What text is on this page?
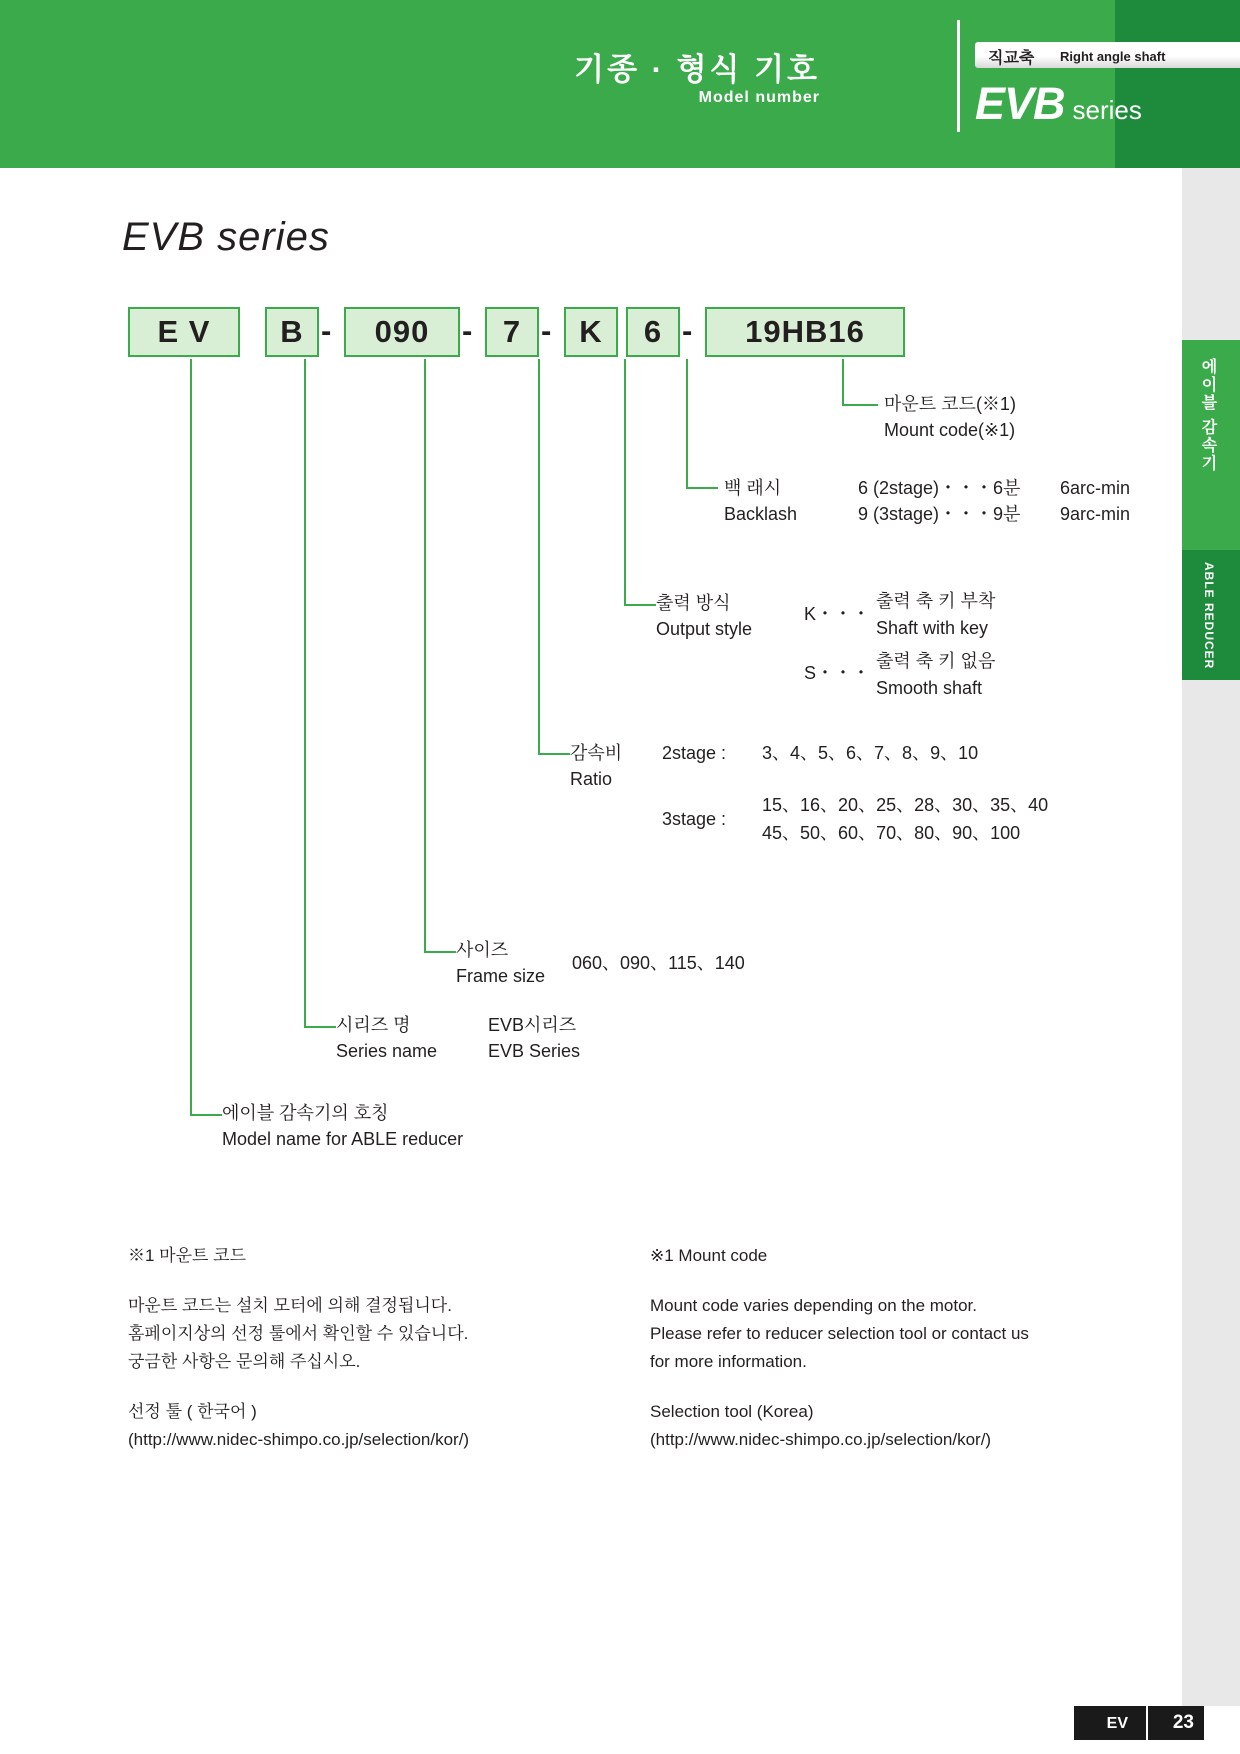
기종 · 형식 기호
Model number
직교축 Right angle shaft
EVB series
에이블 감속기
ABLE REDUCER
EVB series
E V	B -	090	- 7 - K	6 -	19HB16
마운트 코드(※1)
Mount code(※1)
백 래시
Backlash
6 (2stage)・・・6분 6arc-min
9 (3stage)・・・9분 9arc-min
출력 방식
Output style
K・・・
출력 축 키 부착
Shaft with key
S・・・
출력 축 키 없음
Smooth shaft
감속비
Ratio
2stage : 3、4、5、6、7、8、9、10
3stage :
15、16、20、25、28、30、35、40
45、50、60、70、80、90、100
사이즈
Frame size
060、090、115、140
시리즈 명
Series name
EVB시리즈
EVB Series
에이블 감속기의 호칭
Model name for ABLE reducer

※1 마운트 코드

마운트 코드는 설치 모터에 의해 결정됩니다.

홈페이지상의 선정 툴에서 확인할 수 있습니다.

궁금한 사항은 문의해 주십시오.

선정 툴 ( 한국어 )

(http://www.nidec-shimpo.co.jp/selection/kor/)

※1 Mount code

Mount code varies depending on the motor.

Please refer to reducer selection tool or contact us

for more information.

Selection tool (Korea)

(http://www.nidec-shimpo.co.jp/selection/kor/)

EV 23
